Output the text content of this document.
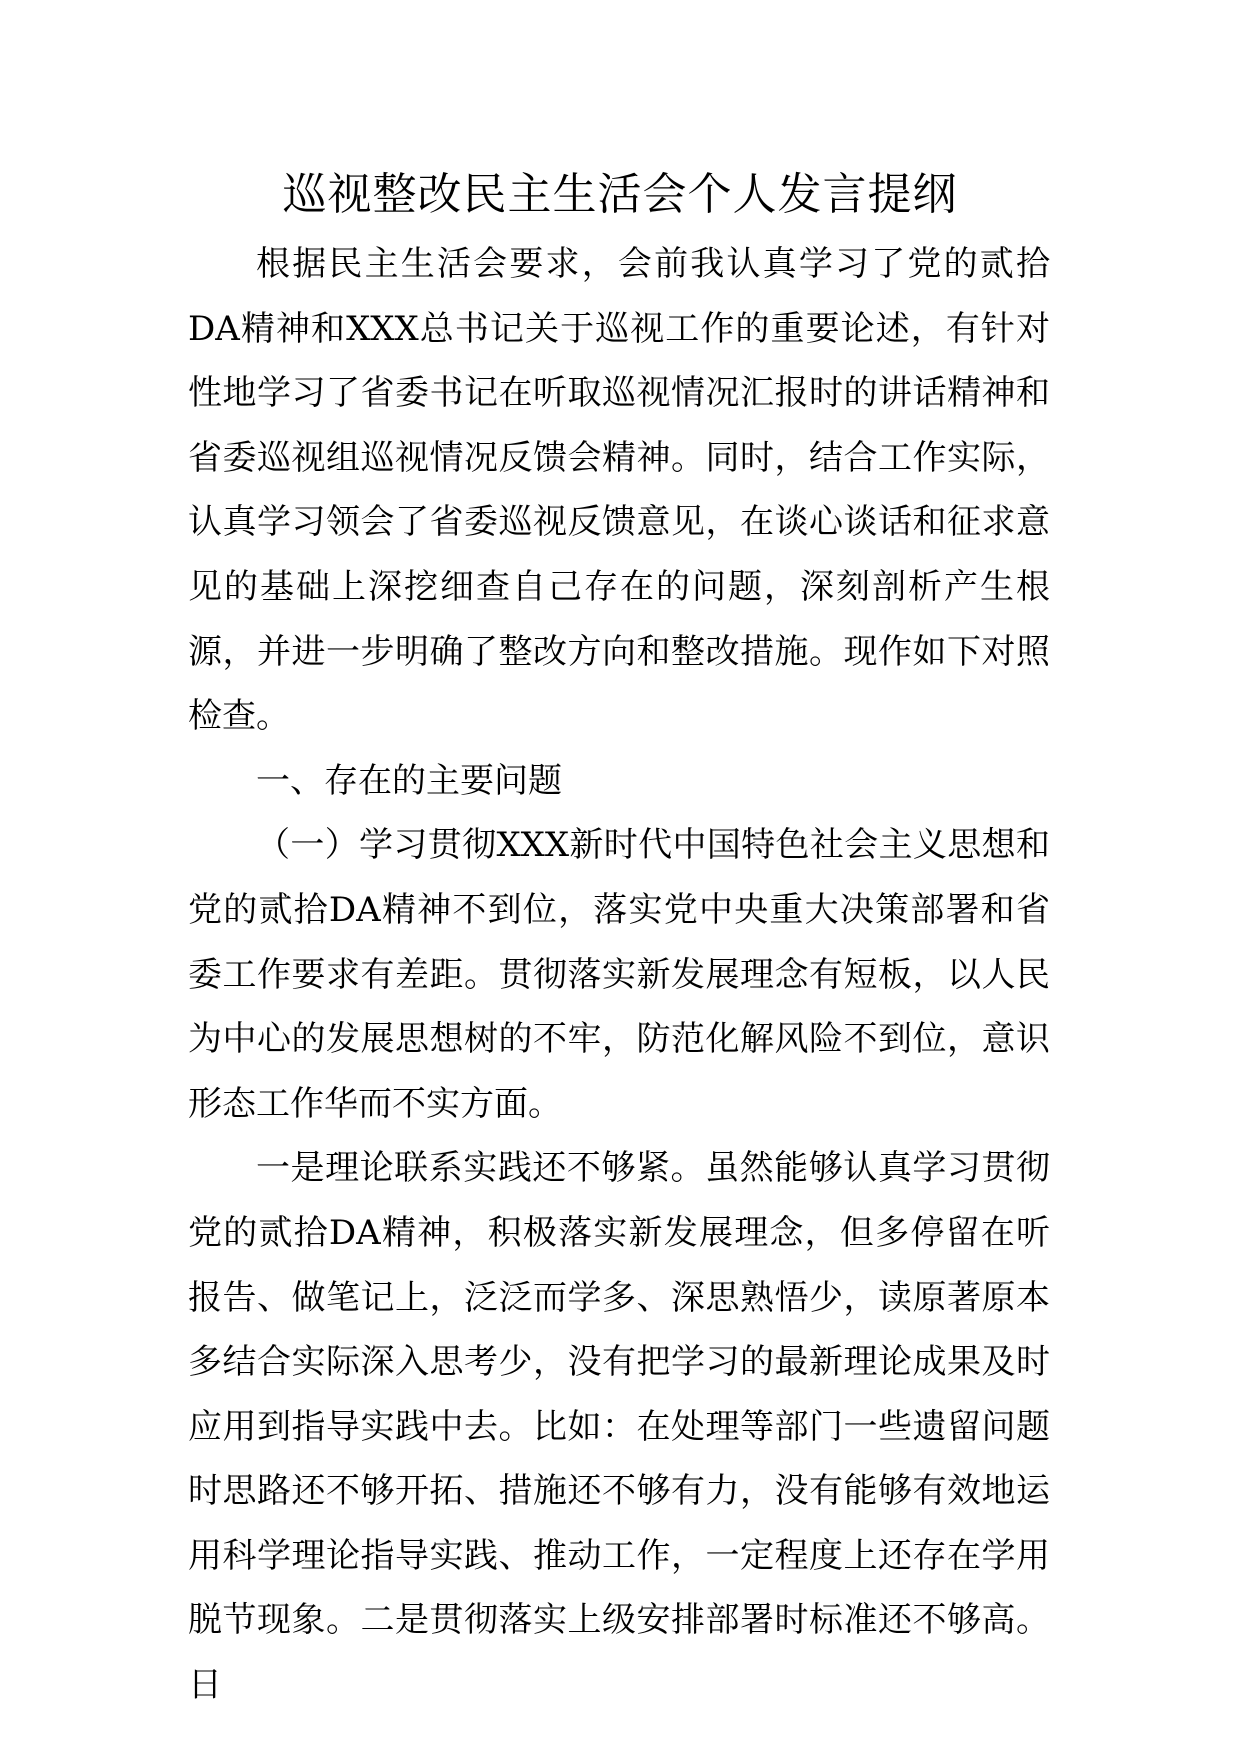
巡视整改民主生活会个人发言提纲

根据民主生活会要求，会前我认真学习了党的贰拾DA精神和XXX总书记关于巡视工作的重要论述，有针对性地学习了省委书记在听取巡视情况汇报时的讲话精神和省委巡视组巡视情况反馈会精神。同时，结合工作实际，认真学习领会了省委巡视反馈意见，在谈心谈话和征求意见的基础上深挖细查自己存在的问题，深刻剖析产生根源，并进一步明确了整改方向和整改措施。现作如下对照检查。

一、存在的主要问题

（一）学习贯彻XXX新时代中国特色社会主义思想和党的贰拾DA精神不到位，落实党中央重大决策部署和省委工作要求有差距。贯彻落实新发展理念有短板，以人民为中心的发展思想树的不牢，防范化解风险不到位，意识形态工作华而不实方面。

一是理论联系实践还不够紧。虽然能够认真学习贯彻党的贰拾DA精神，积极落实新发展理念，但多停留在听报告、做笔记上，泛泛而学多、深思熟悟少，读原著原本多结合实际深入思考少，没有把学习的最新理论成果及时应用到指导实践中去。比如：在处理等部门一些遗留问题时思路还不够开拓、措施还不够有力，没有能够有效地运用科学理论指导实践、推动工作，一定程度上还存在学用脱节现象。二是贯彻落实上级安排部署时标准还不够高。日
